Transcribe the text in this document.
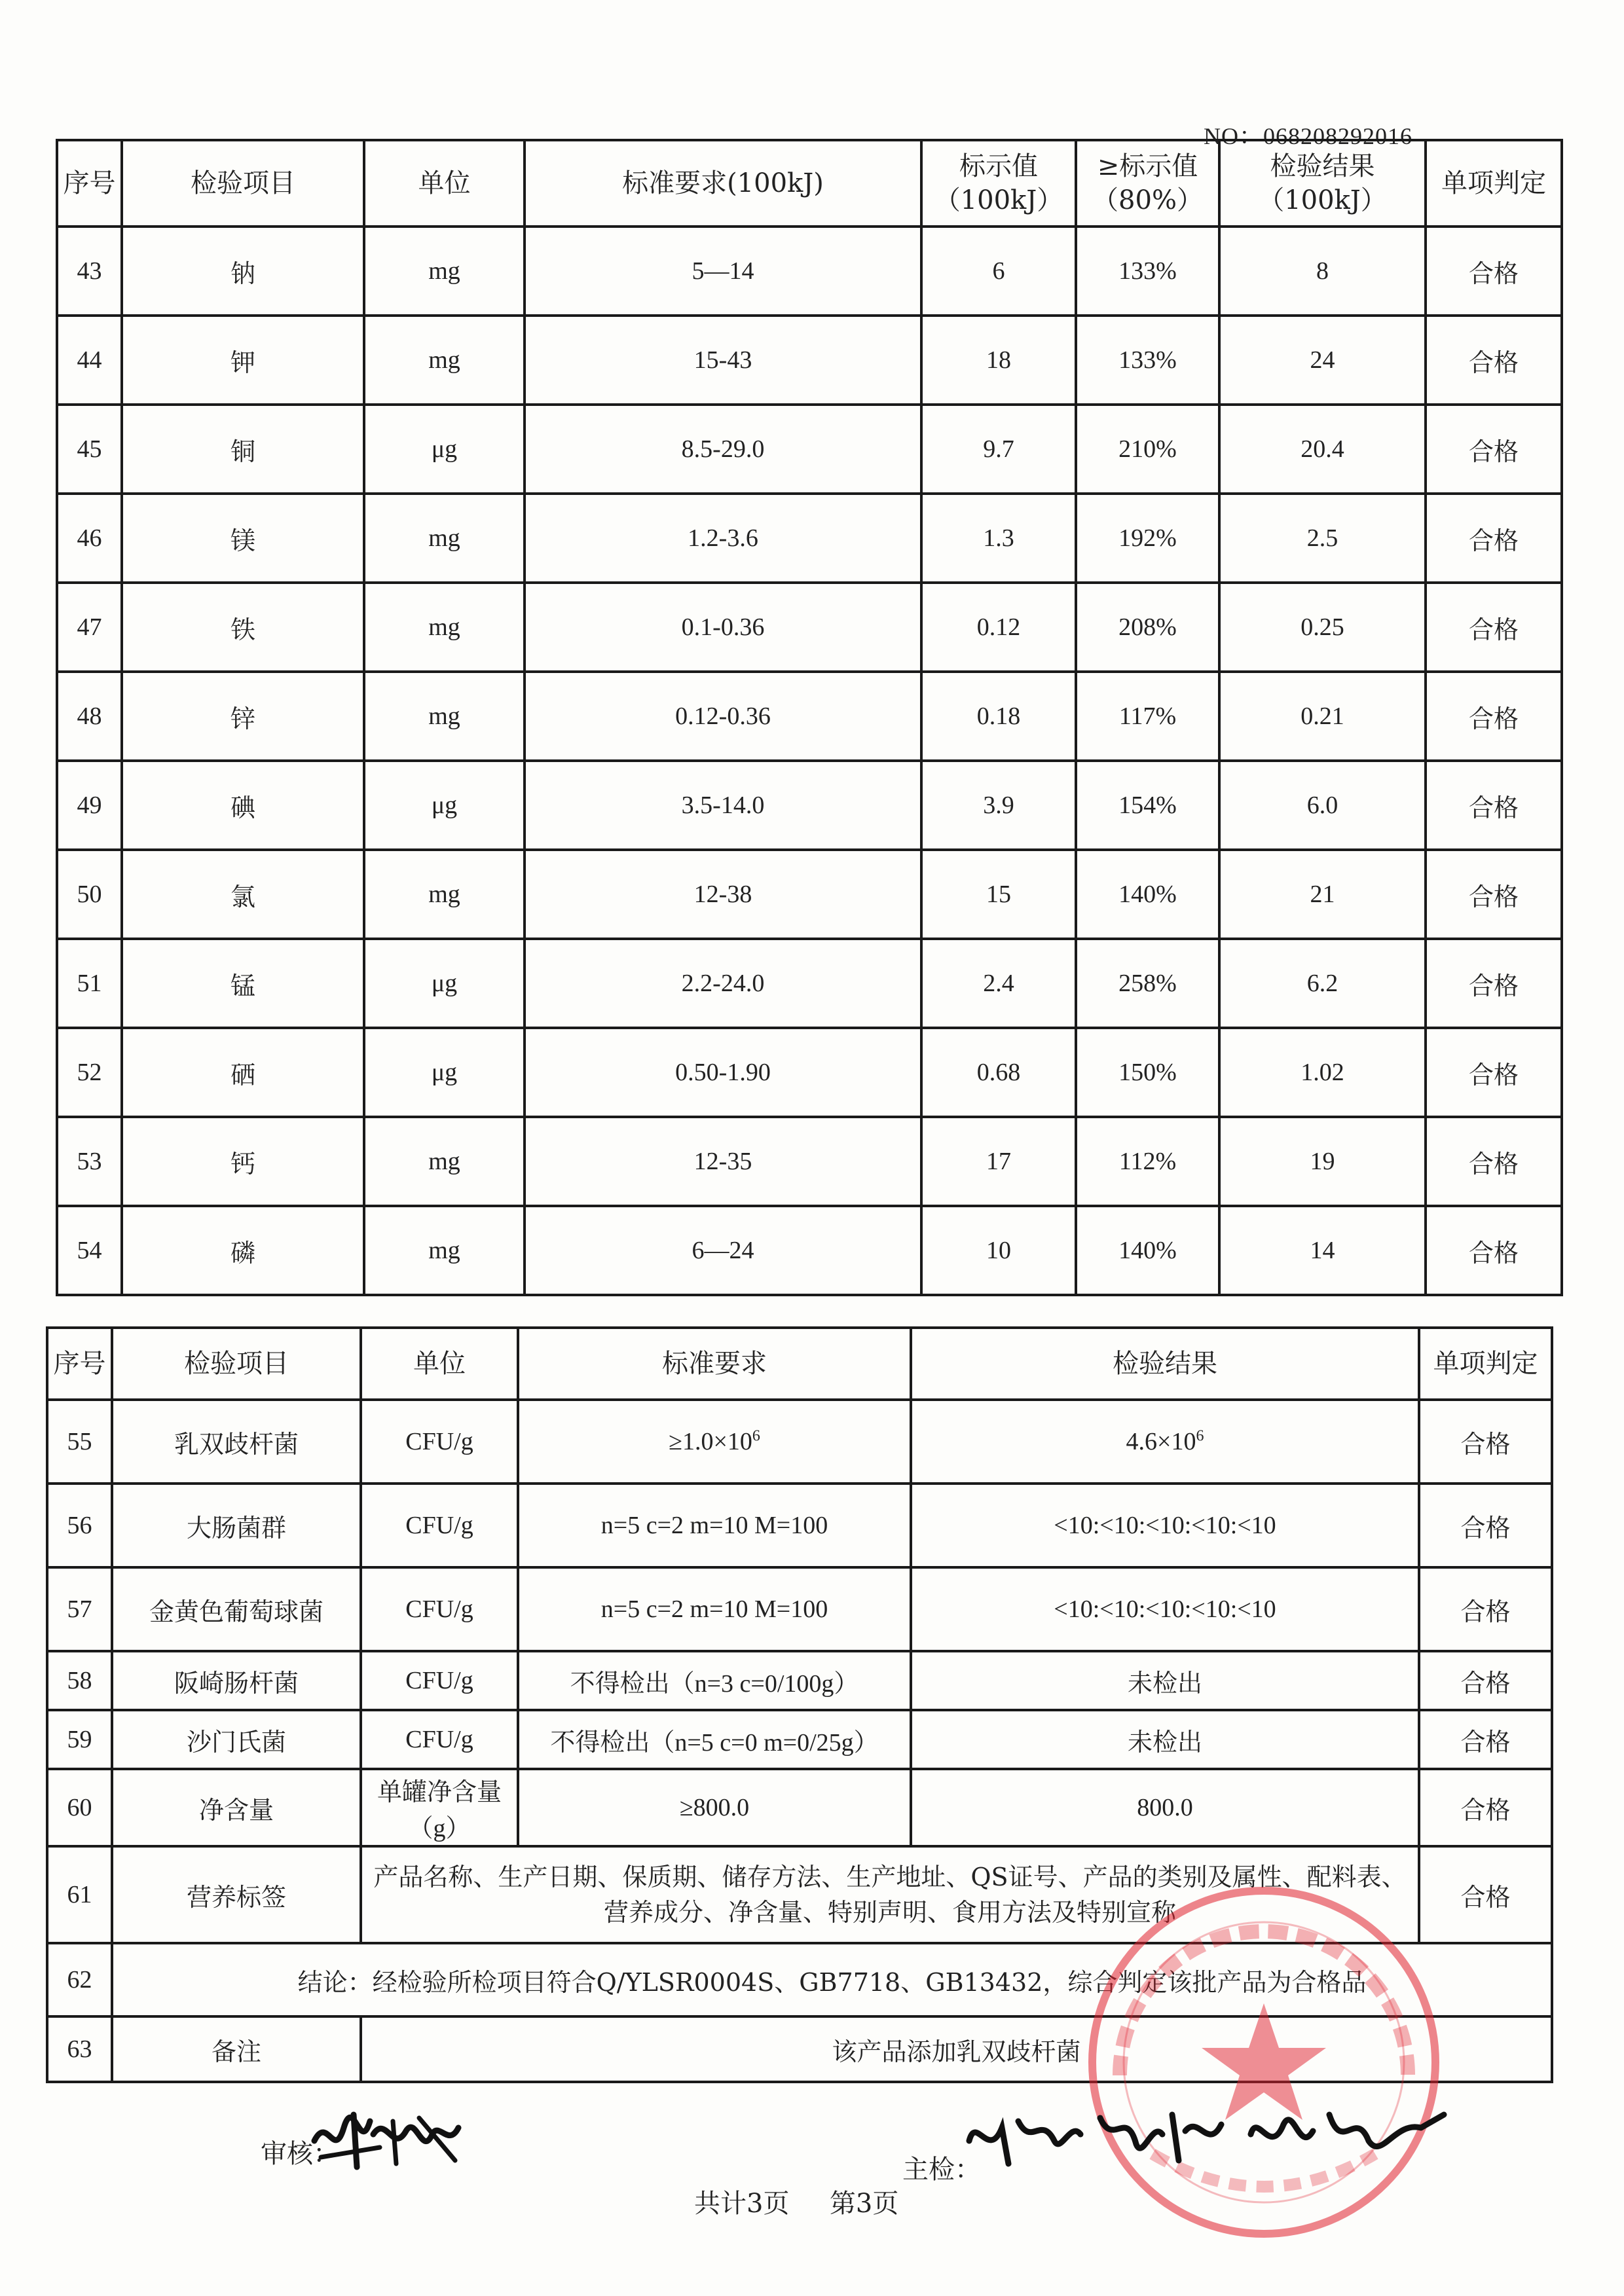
NO：068208292016
序号	检验项目	单位	标准要求(100kJ)	标示值（100kJ）	≥标示值（80%）	检验结果（100kJ）	单项判定
43	钠	mg	5—14	6	133%	8	合格
44	钾	mg	15-43	18	133%	24	合格
45	铜	μg	8.5-29.0	9.7	210%	20.4	合格
46	镁	mg	1.2-3.6	1.3	192%	2.5	合格
47	铁	mg	0.1-0.36	0.12	208%	0.25	合格
48	锌	mg	0.12-0.36	0.18	117%	0.21	合格
49	碘	μg	3.5-14.0	3.9	154%	6.0	合格
50	氯	mg	12-38	15	140%	21	合格
51	锰	μg	2.2-24.0	2.4	258%	6.2	合格
52	硒	μg	0.50-1.90	0.68	150%	1.02	合格
53	钙	mg	12-35	17	112%	19	合格
54	磷	mg	6—24	10	140%	14	合格
序号	检验项目	单位	标准要求	检验结果	单项判定
55	乳双歧杆菌	CFU/g	$\ge 1.0\times 10^6$	$4.6\times 10^6$	合格
56	大肠菌群	CFU/g	n=5 c=2 m=10 M=100	<10:<10:<10:<10:<10	合格
57	金黄色葡萄球菌	CFU/g	n=5 c=2 m=10 M=100	<10:<10:<10:<10:<10	合格
58	阪崎肠杆菌	CFU/g	不得检出（n=3 c=0/100g）	未检出	合格
59	沙门氏菌	CFU/g	不得检出（n=5 c=0 m=0/25g）	未检出	合格
60	净含量	单罐净含量（g）	≥800.0	800.0	合格
61	营养标签	产品名称、生产日期、保质期、储存方法、生产地址、QS证号、产品的类别及属性、配料表、营养成分、净含量、特别声明、食用方法及特别宣称			合格
62	结论：经检验所检项目符合Q/YLSR0004S、GB7718、GB13432，综合判定该批产品为合格品				
63	备注	该产品添加乳双歧杆菌			
审核：
主检：
共计3页 第3页
